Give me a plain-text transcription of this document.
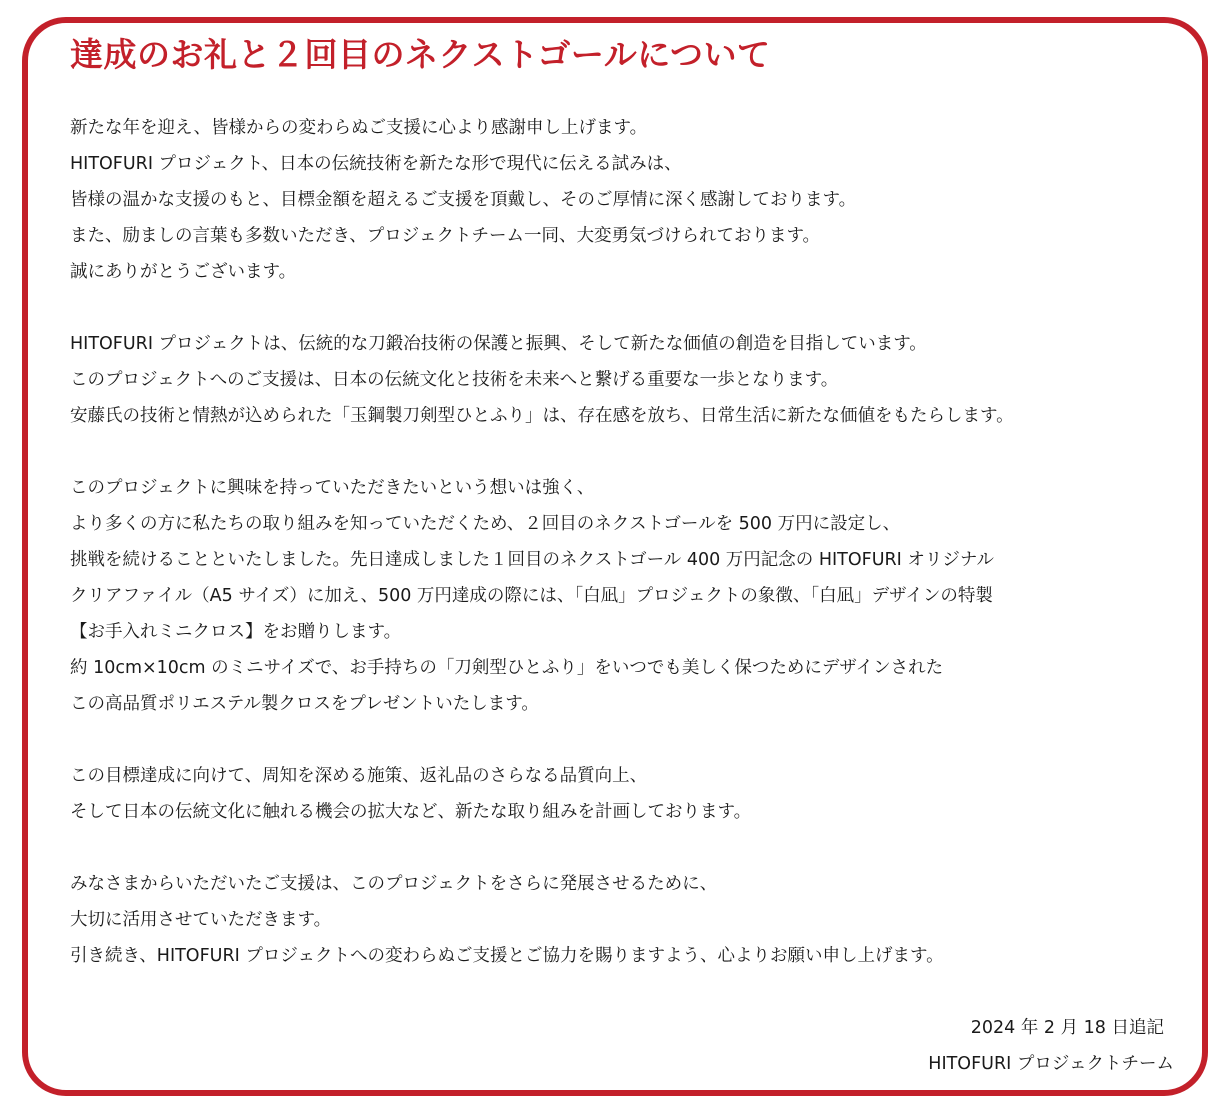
達成のお礼と２回目のネクストゴールについて
新たな年を迎え、皆様からの変わらぬご支援に心より感謝申し上げます。
HITOFURI プロジェクト、日本の伝統技術を新たな形で現代に伝える試みは、
皆様の温かな支援のもと、目標金額を超えるご支援を頂戴し、そのご厚情に深く感謝しております。
また、励ましの言葉も多数いただき、プロジェクトチーム一同、大変勇気づけられております。
誠にありがとうございます。
HITOFURI プロジェクトは、伝統的な刀鍛冶技術の保護と振興、そして新たな価値の創造を目指しています。
このプロジェクトへのご支援は、日本の伝統文化と技術を未来へと繋げる重要な一歩となります。
安藤氏の技術と情熱が込められた「玉鋼製刀剣型ひとふり」は、存在感を放ち、日常生活に新たな価値をもたらします。
このプロジェクトに興味を持っていただきたいという想いは強く、
より多くの方に私たちの取り組みを知っていただくため、２回目のネクストゴールを 500 万円に設定し、
挑戦を続けることといたしました。先日達成しました１回目のネクストゴール 400 万円記念の HITOFURI オリジナル
クリアファイル（A5 サイズ）に加え、500 万円達成の際には、「白凪」プロジェクトの象徴、「白凪」デザインの特製
【お手入れミニクロス】をお贈りします。
約 10cm×10cm のミニサイズで、お手持ちの「刀剣型ひとふり」をいつでも美しく保つためにデザインされた
この高品質ポリエステル製クロスをプレゼントいたします。
この目標達成に向けて、周知を深める施策、返礼品のさらなる品質向上、
そして日本の伝統文化に触れる機会の拡大など、新たな取り組みを計画しております。
みなさまからいただいたご支援は、このプロジェクトをさらに発展させるために、
大切に活用させていただきます。
引き続き、HITOFURI プロジェクトへの変わらぬご支援とご協力を賜りますよう、心よりお願い申し上げます。
2024 年 2 月 18 日追記
HITOFURI プロジェクトチーム
